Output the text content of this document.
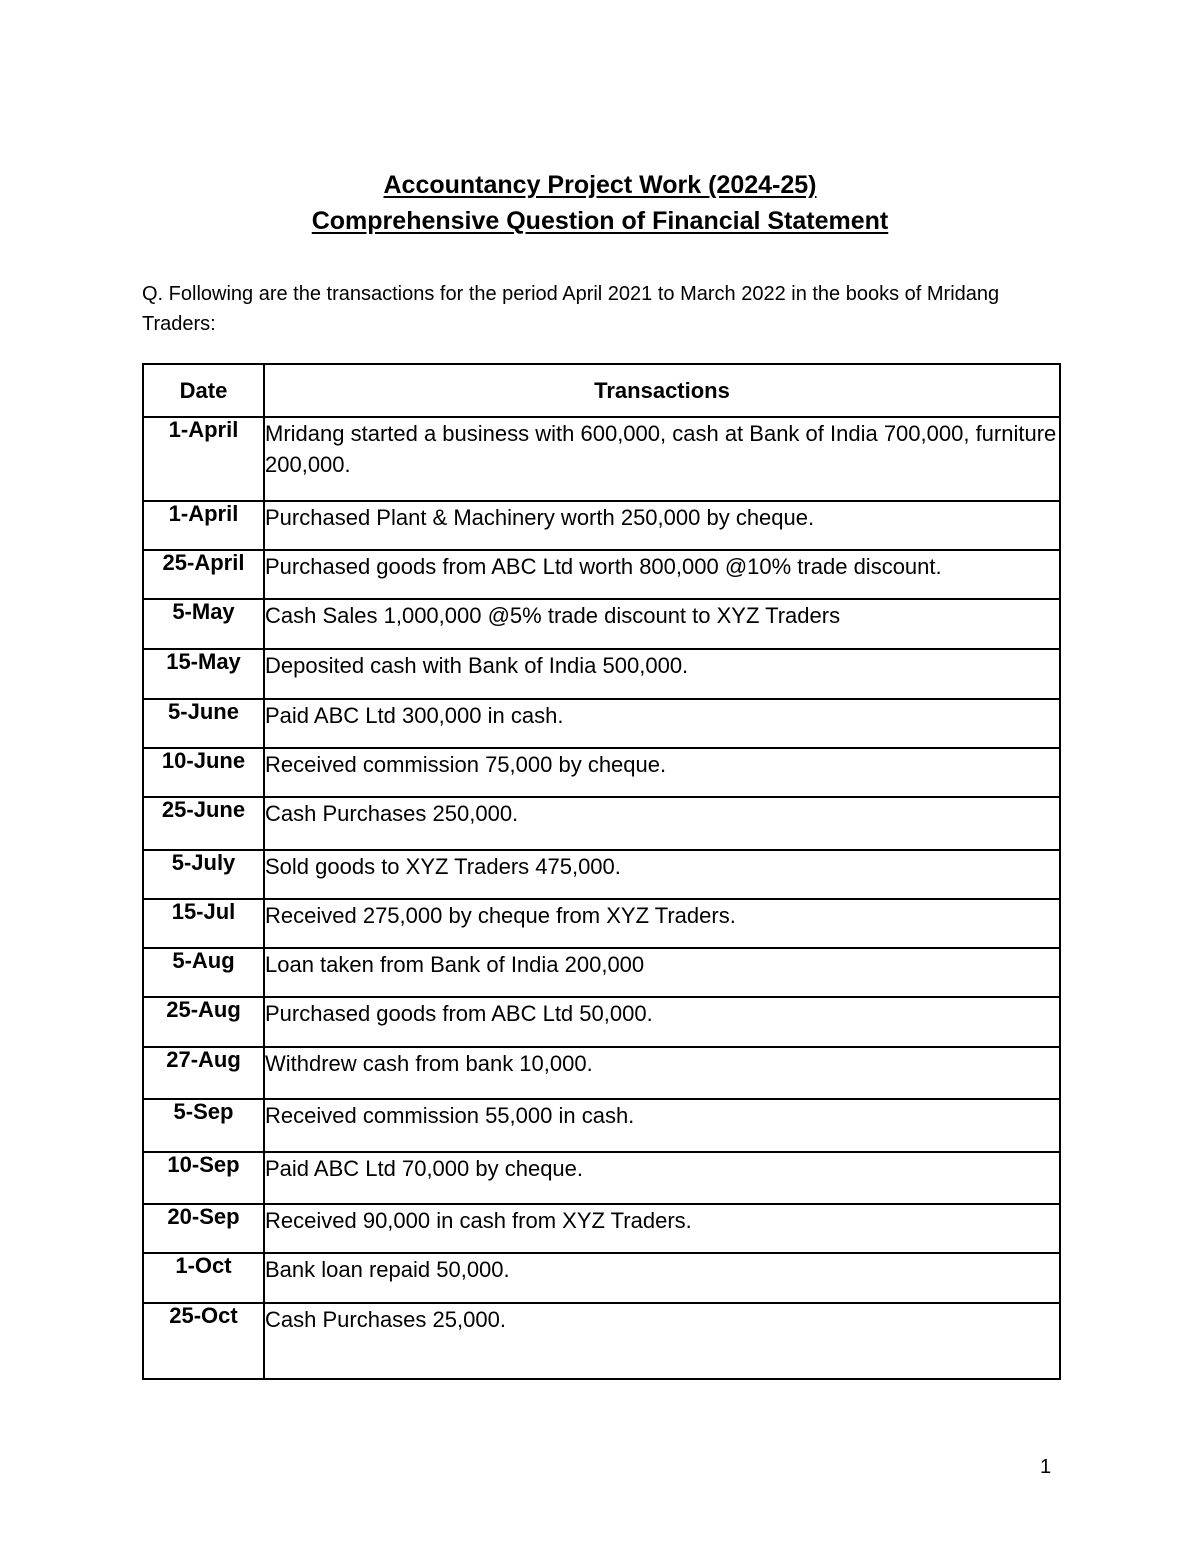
Accountancy Project Work (2024-25)
Comprehensive Question of Financial Statement

Q. Following are the transactions for the period April 2021 to March 2022 in the books of Mridang Traders:

Date	Transactions
1-April	Mridang started a business with 600,000, cash at Bank of India 700,000, furniture 200,000.
1-April	Purchased Plant & Machinery worth 250,000 by cheque.
25-April	Purchased goods from ABC Ltd worth 800,000 @10% trade discount.
5-May	Cash Sales 1,000,000 @5% trade discount to XYZ Traders
15-May	Deposited cash with Bank of India 500,000.
5-June	Paid ABC Ltd 300,000 in cash.
10-June	Received commission 75,000 by cheque.
25-June	Cash Purchases 250,000.
5-July	Sold goods to XYZ Traders 475,000.
15-Jul	Received 275,000 by cheque from XYZ Traders.
5-Aug	Loan taken from Bank of India 200,000
25-Aug	Purchased goods from ABC Ltd 50,000.
27-Aug	Withdrew cash from bank 10,000.
5-Sep	Received commission 55,000 in cash.
10-Sep	Paid ABC Ltd 70,000 by cheque.
20-Sep	Received 90,000 in cash from XYZ Traders.
1-Oct	Bank loan repaid 50,000.
25-Oct	Cash Purchases 25,000.

1
